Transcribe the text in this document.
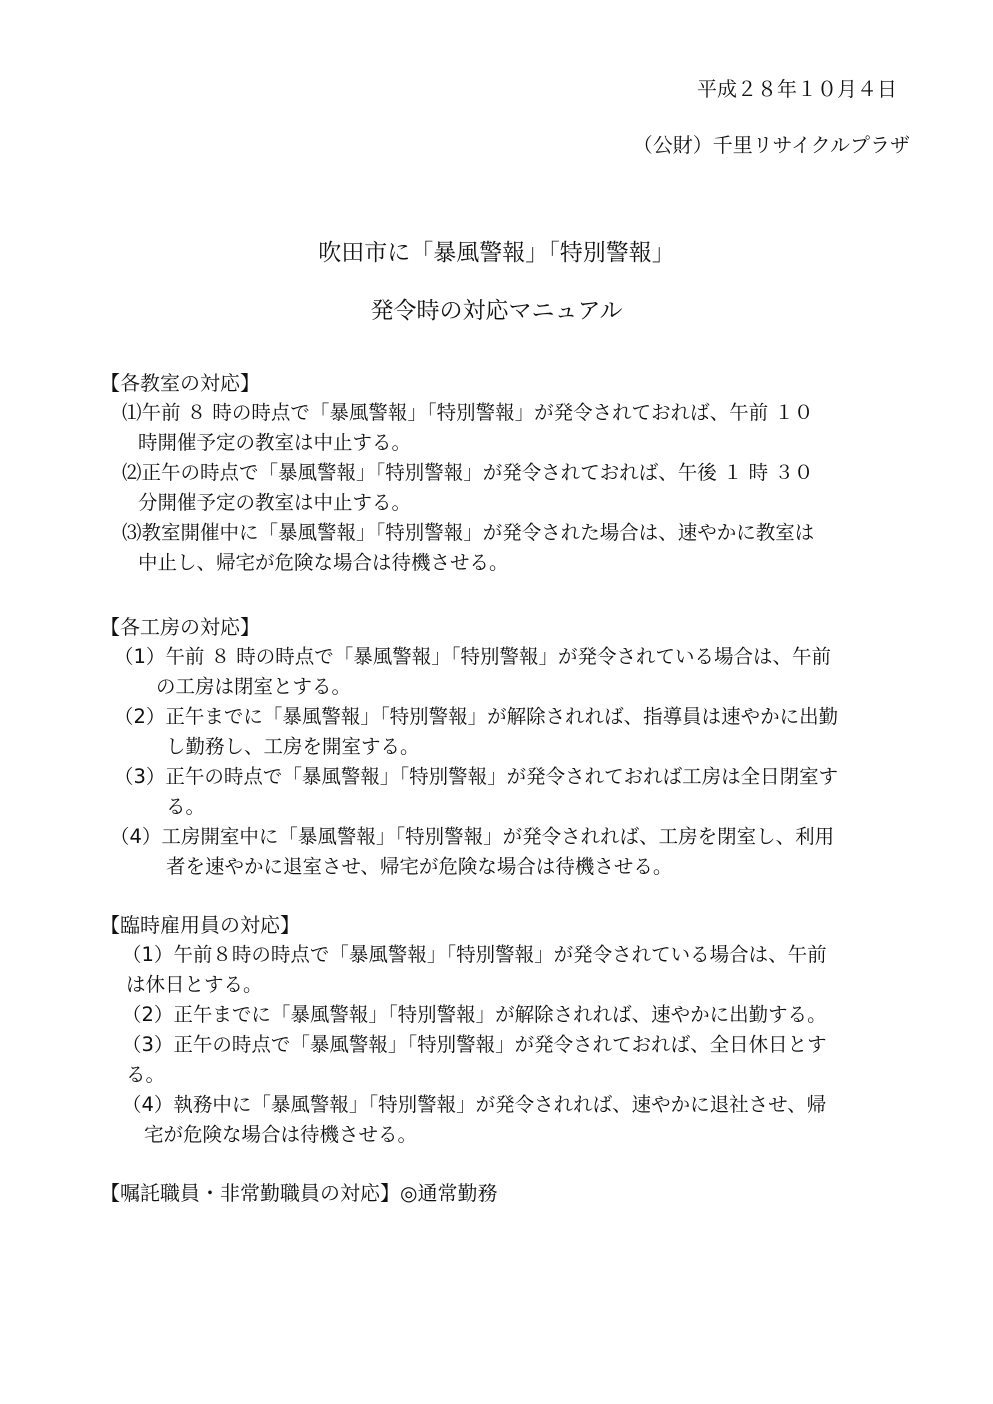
平成２８年１０月４日
（公財）千里リサイクルプラザ
吹田市に「暴風警報」「特別警報」
発令時の対応マニュアル
【各教室の対応】
⑴午前 ８ 時の時点で「暴風警報」「特別警報」が発令されておれば、午前 １０
時開催予定の教室は中止する。
⑵正午の時点で「暴風警報」「特別警報」が発令されておれば、午後 １ 時 ３０
分開催予定の教室は中止する。
⑶教室開催中に「暴風警報」「特別警報」が発令された場合は、速やかに教室は
中止し、帰宅が危険な場合は待機させる。
【各工房の対応】
（1）午前 ８ 時の時点で「暴風警報」「特別警報」が発令されている場合は、午前
の工房は閉室とする。
（2）正午までに「暴風警報」「特別警報」が解除されれば、指導員は速やかに出勤
し勤務し、工房を開室する。
（3）正午の時点で「暴風警報」「特別警報」が発令されておれば工房は全日閉室す
る。
（4）工房開室中に「暴風警報」「特別警報」が発令されれば、工房を閉室し、利用
者を速やかに退室させ、帰宅が危険な場合は待機させる。
【臨時雇用員の対応】
（1）午前８時の時点で「暴風警報」「特別警報」が発令されている場合は、午前
は休日とする。
（2）正午までに「暴風警報」「特別警報」が解除されれば、速やかに出勤する。
（3）正午の時点で「暴風警報」「特別警報」が発令されておれば、全日休日とす
る。
（4）執務中に「暴風警報」「特別警報」が発令されれば、速やかに退社させ、帰
宅が危険な場合は待機させる。
【嘱託職員・非常勤職員の対応】◎通常勤務
